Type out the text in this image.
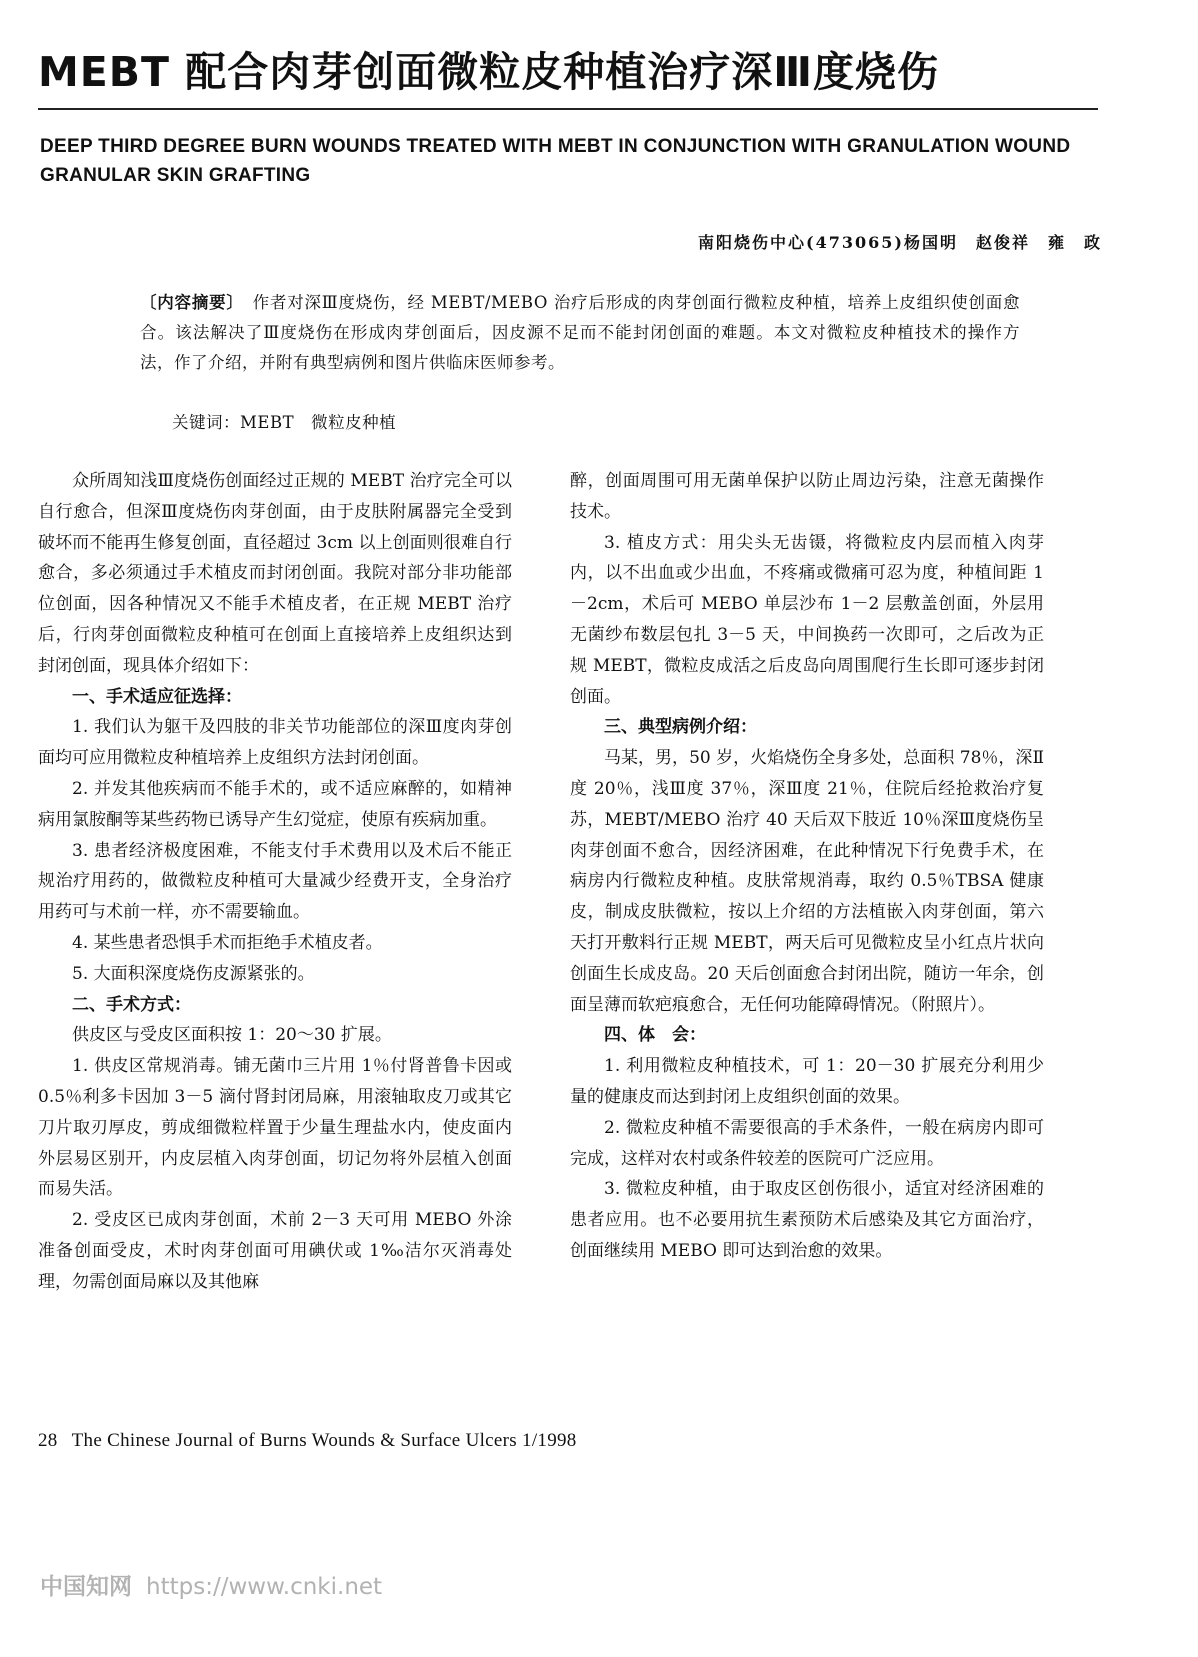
MEBT 配合肉芽创面微粒皮种植治疗深Ⅲ度烧伤
DEEP THIRD DEGREE BURN WOUNDS TREATED WITH MEBT IN CONJUNCTION WITH GRANULATION WOUND GRANULAR SKIN GRAFTING

南阳烧伤中心(473065)杨国明　赵俊祥　雍　政

〔内容摘要〕　作者对深Ⅲ度烧伤，经 MEBT/MEBO 治疗后形成的肉芽创面行微粒皮种植，培养上皮组织使创面愈合。该法解决了Ⅲ度烧伤在形成肉芽创面后，因皮源不足而不能封闭创面的难题。本文对微粒皮种植技术的操作方法，作了介绍，并附有典型病例和图片供临床医师参考。

关键词：MEBT　微粒皮种植

众所周知浅Ⅲ度烧伤创面经过正规的 MEBT 治疗完全可以自行愈合，但深Ⅲ度烧伤肉芽创面，由于皮肤附属器完全受到破坏而不能再生修复创面，直径超过 3cm 以上创面则很难自行愈合，多必须通过手术植皮而封闭创面。我院对部分非功能部位创面，因各种情况又不能手术植皮者，在正规 MEBT 治疗后，行肉芽创面微粒皮种植可在创面上直接培养上皮组织达到封闭创面，现具体介绍如下：

一、手术适应征选择：

1. 我们认为躯干及四肢的非关节功能部位的深Ⅲ度肉芽创面均可应用微粒皮种植培养上皮组织方法封闭创面。

2. 并发其他疾病而不能手术的，或不适应麻醉的，如精神病用氯胺酮等某些药物已诱导产生幻觉症，使原有疾病加重。

3. 患者经济极度困难，不能支付手术费用以及术后不能正规治疗用药的，做微粒皮种植可大量减少经费开支，全身治疗用药可与术前一样，亦不需要输血。

4. 某些患者恐惧手术而拒绝手术植皮者。

5. 大面积深度烧伤皮源紧张的。

二、手术方式：

供皮区与受皮区面积按 1：20～30 扩展。

1. 供皮区常规消毒。铺无菌巾三片用 1％付肾普鲁卡因或 0.5％利多卡因加 3－5 滴付肾封闭局麻，用滚轴取皮刀或其它刀片取刃厚皮，剪成细微粒样置于少量生理盐水内，使皮面内外层易区别开，内皮层植入肉芽创面，切记勿将外层植入创面而易失活。

2. 受皮区已成肉芽创面，术前 2－3 天可用 MEBO 外涂准备创面受皮，术时肉芽创面可用碘伏或 1‰洁尔灭消毒处理，勿需创面局麻以及其他麻

醉，创面周围可用无菌单保护以防止周边污染，注意无菌操作技术。

3. 植皮方式：用尖头无齿镊，将微粒皮内层而植入肉芽内，以不出血或少出血，不疼痛或微痛可忍为度，种植间距 1－2cm，术后可 MEBO 单层沙布 1－2 层敷盖创面，外层用无菌纱布数层包扎 3－5 天，中间换药一次即可，之后改为正规 MEBT，微粒皮成活之后皮岛向周围爬行生长即可逐步封闭创面。

三、典型病例介绍：

马某，男，50 岁，火焰烧伤全身多处，总面积 78％，深Ⅱ度 20％，浅Ⅲ度 37％，深Ⅲ度 21％，住院后经抢救治疗复苏，MEBT/MEBO 治疗 40 天后双下肢近 10％深Ⅲ度烧伤呈肉芽创面不愈合，因经济困难，在此种情况下行免费手术，在病房内行微粒皮种植。皮肤常规消毒，取约 0.5％TBSA 健康皮，制成皮肤微粒，按以上介绍的方法植嵌入肉芽创面，第六天打开敷料行正规 MEBT，两天后可见微粒皮呈小红点片状向创面生长成皮岛。20 天后创面愈合封闭出院，随访一年余，创面呈薄而软疤痕愈合，无任何功能障碍情况。（附照片）。

四、体　会：

1. 利用微粒皮种植技术，可 1：20－30 扩展充分利用少量的健康皮而达到封闭上皮组织创面的效果。

2. 微粒皮种植不需要很高的手术条件，一般在病房内即可完成，这样对农村或条件较差的医院可广泛应用。

3. 微粒皮种植，由于取皮区创伤很小，适宜对经济困难的患者应用。也不必要用抗生素预防术后感染及其它方面治疗，创面继续用 MEBO 即可达到治愈的效果。

28 The Chinese Journal of Burns Wounds & Surface Ulcers 1/1998

中国知网 https://www.cnki.net
